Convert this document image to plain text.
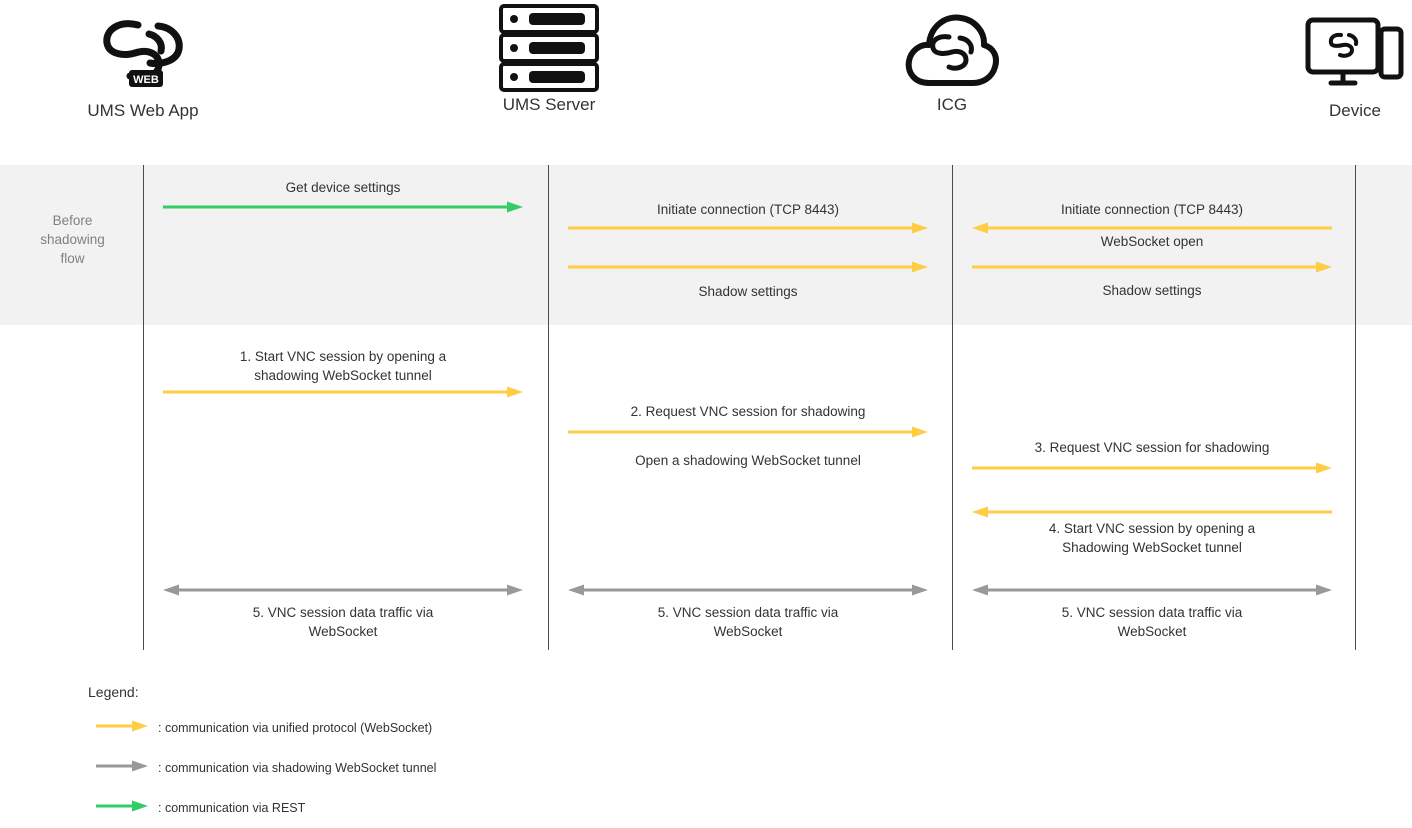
WEB
UMS Web App	UMS Server	ICG	Device
Before
shadowing
flow
Get device settings
Initiate connection (TCP 8443)	Initiate connection (TCP 8443)
WebSocket open
Shadow settings	Shadow settings
1. Start VNC session by opening a
shadowing WebSocket tunnel
2. Request VNC session for shadowing
Open a shadowing WebSocket tunnel
3. Request VNC session for shadowing
4. Start VNC session by opening a
Shadowing WebSocket tunnel
5. VNC session data traffic via
WebSocket
5. VNC session data traffic via
WebSocket
5. VNC session data traffic via
WebSocket
Legend:
: communication via unified protocol (WebSocket)
: communication via shadowing WebSocket tunnel
: communication via REST
